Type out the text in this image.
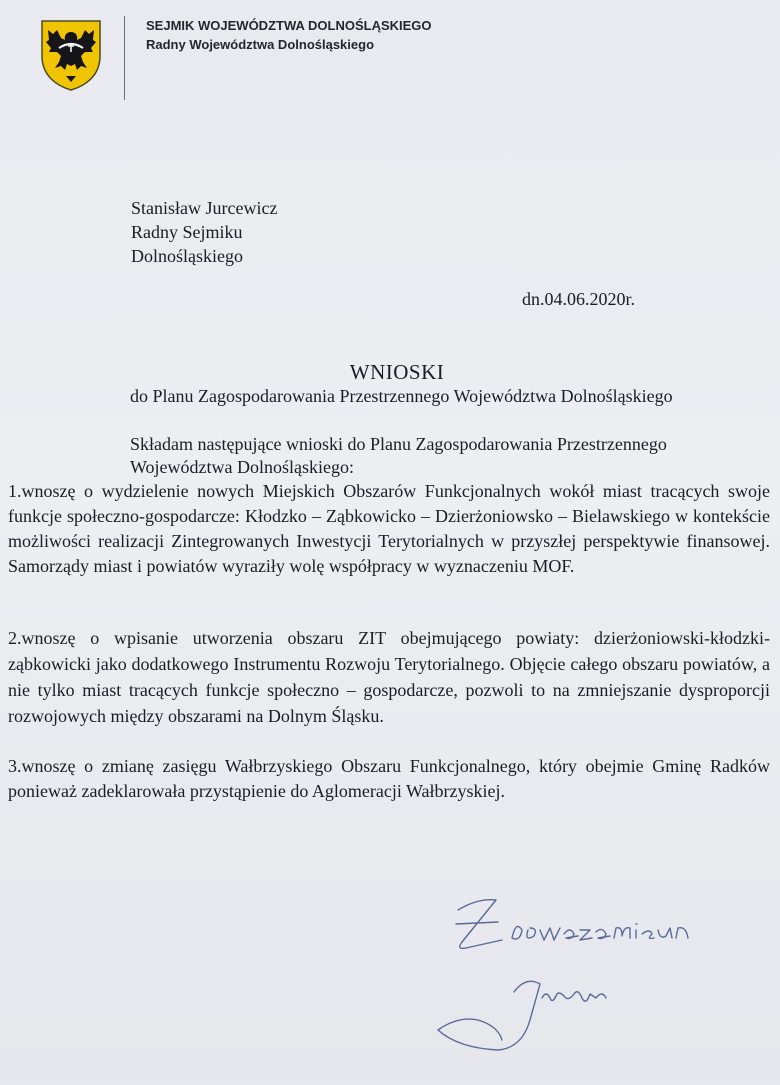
SEJMIK WOJEWÓDZTWA DOLNOŚLĄSKIEGO
Radny Województwa Dolnośląskiego
Stanisław Jurcewicz
Radny Sejmiku
Dolnośląskiego
dn.04.06.2020r.
WNIOSKI
do Planu Zagospodarowania Przestrzennego Województwa Dolnośląskiego
Składam następujące wnioski do Planu Zagospodarowania Przestrzennego
Województwa Dolnośląskiego:
1.wnoszę o wydzielenie nowych Miejskich Obszarów Funkcjonalnych wokół miast tracących swoje funkcje społeczno-gospodarcze: Kłodzko – Ząbkowicko – Dzierżoniowsko – Bielawskiego w kontekście możliwości realizacji Zintegrowanych Inwestycji Terytorialnych w przyszłej perspektywie finansowej. Samorządy miast i powiatów wyraziły wolę współpracy w wyznaczeniu MOF.
2.wnoszę o wpisanie utworzenia obszaru ZIT obejmującego powiaty: dzierżoniowski-kłodzki-ząbkowicki jako dodatkowego Instrumentu Rozwoju Terytorialnego. Objęcie całego obszaru powiatów, a nie tylko miast tracących funkcje społeczno – gospodarcze, pozwoli to na zmniejszanie dysproporcji rozwojowych między obszarami na Dolnym Śląsku.
3.wnoszę o zmianę zasięgu Wałbrzyskiego Obszaru Funkcjonalnego, który obejmie Gminę Radków ponieważ zadeklarowała przystąpienie do Aglomeracji Wałbrzyskiej.
